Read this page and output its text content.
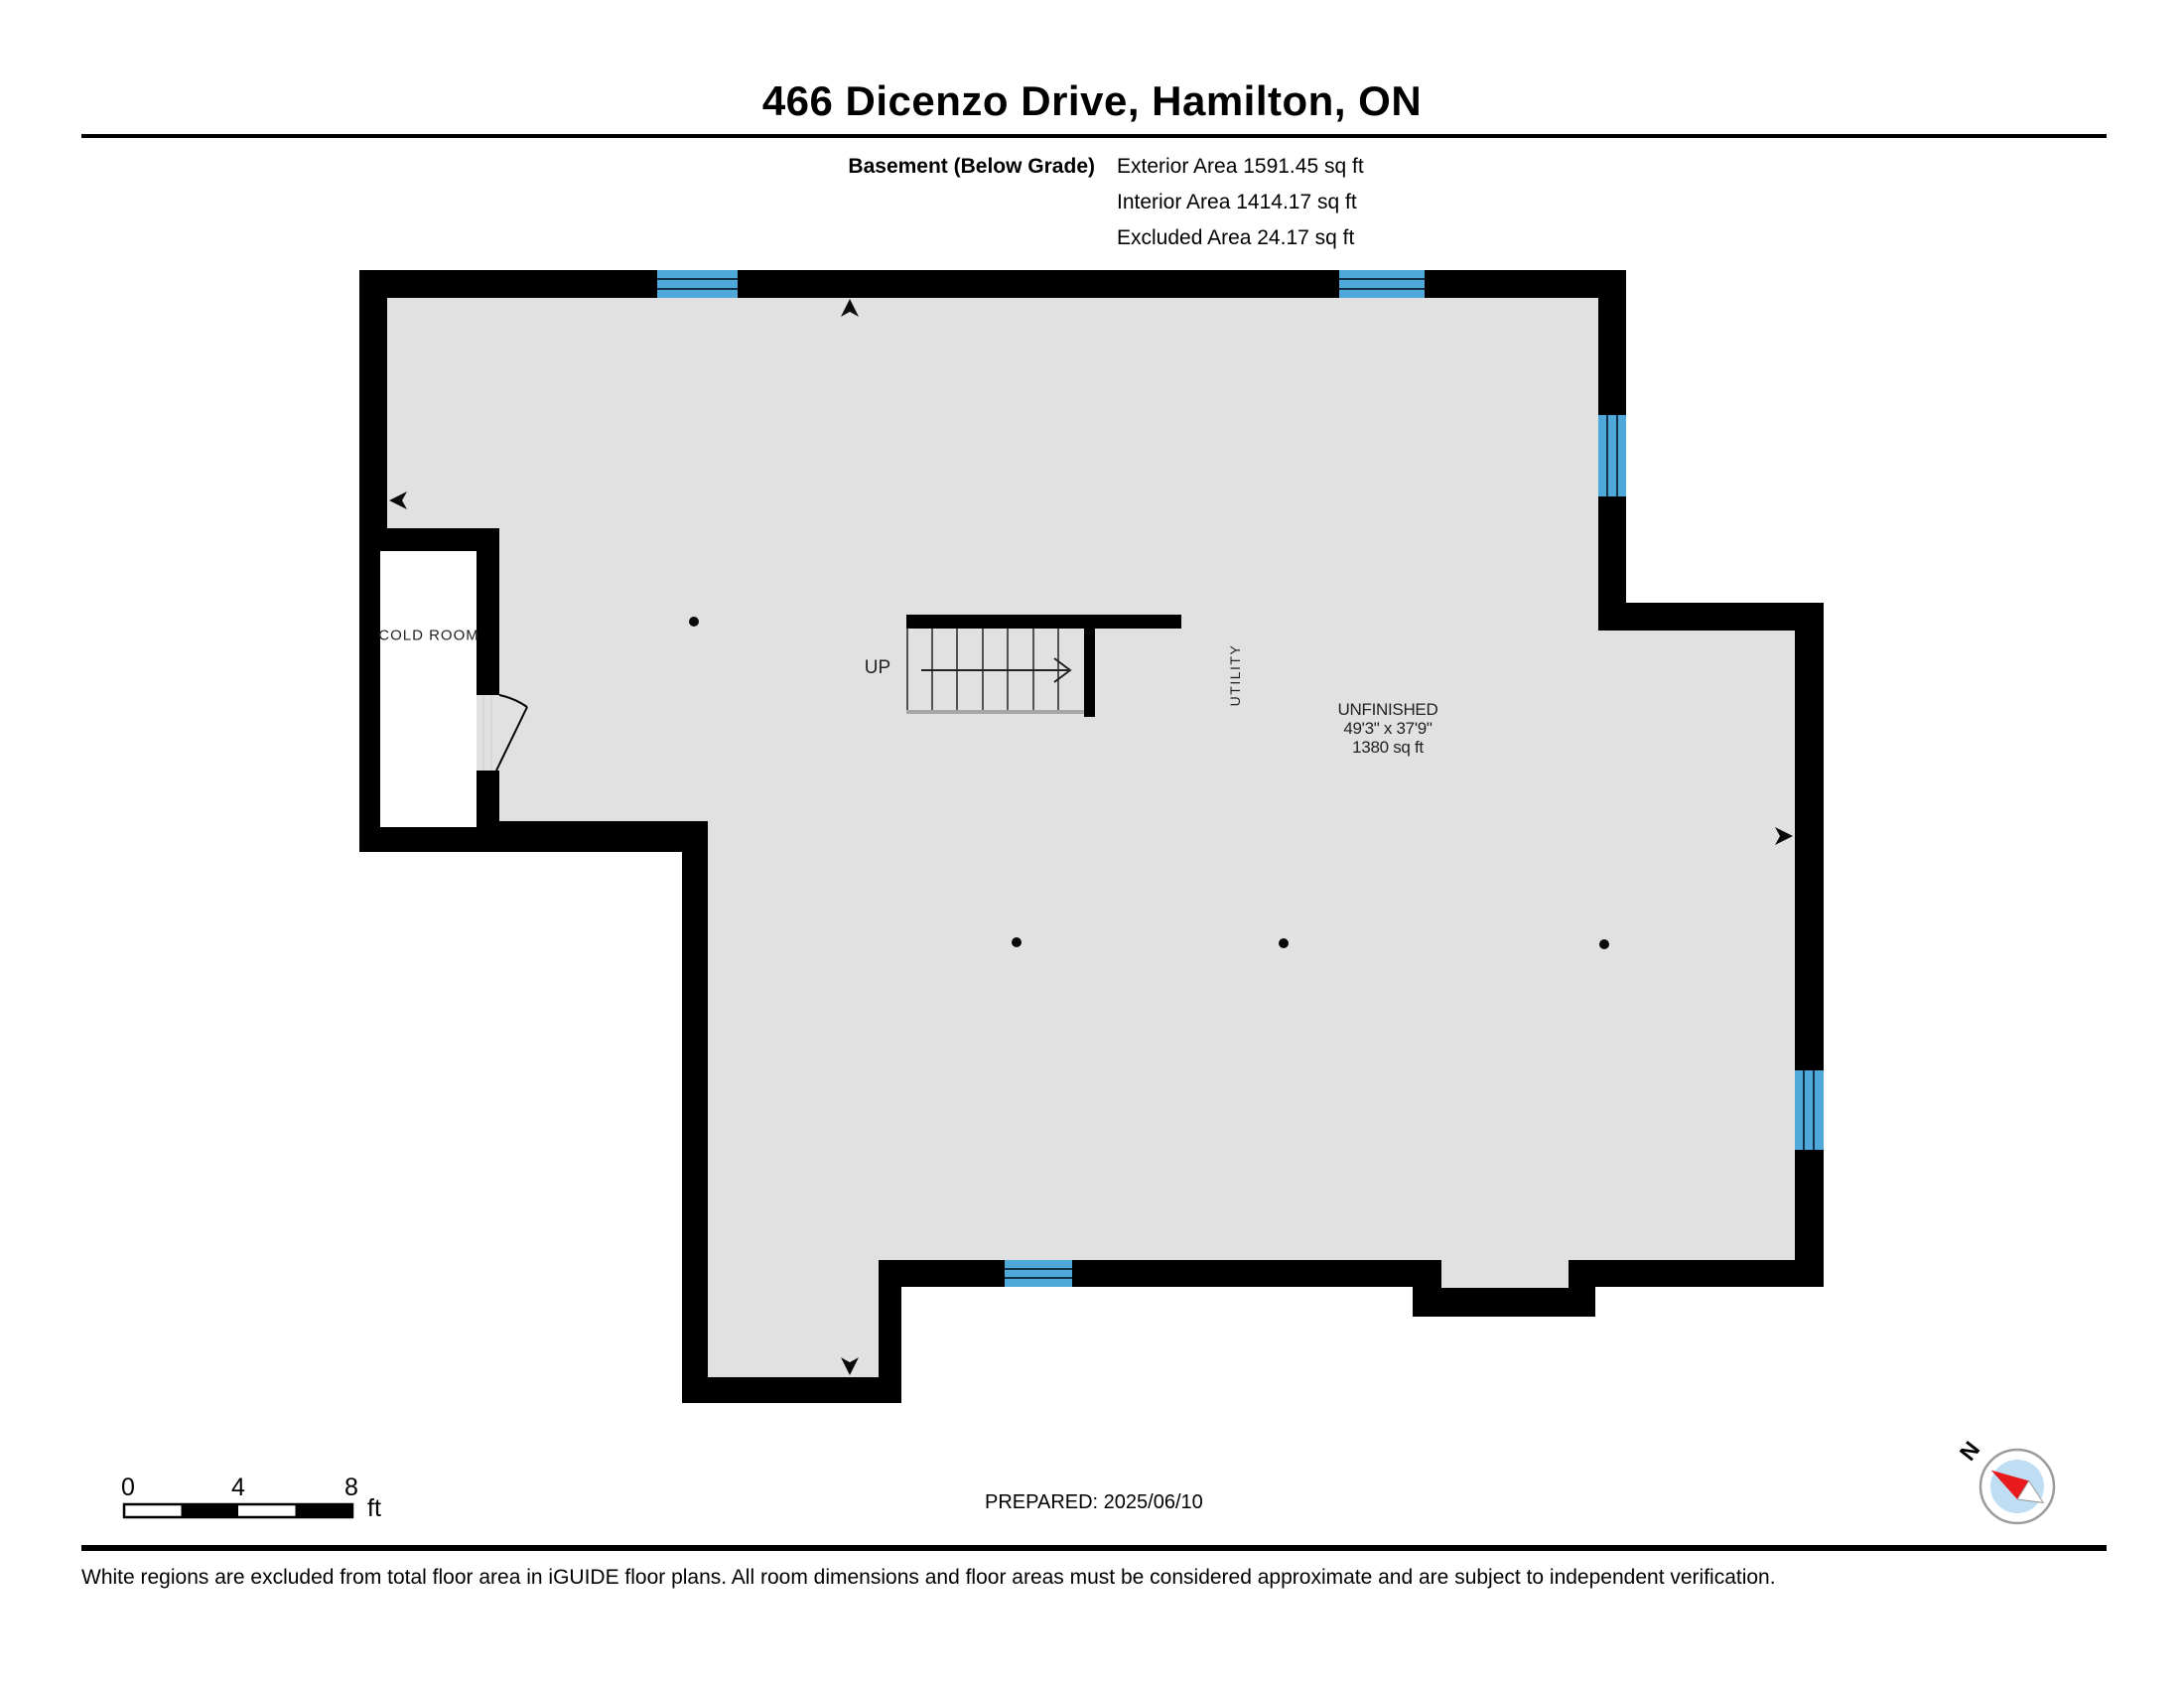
466 Dicenzo Drive, Hamilton, ON
Basement (Below Grade) Exterior Area 1591.45 sq ft
Interior Area 1414.17 sq ft
Excluded Area 24.17 sq ft
UP
COLD ROOM
UTILITY
UNFINISHED
49'3" x 37'9"
1380 sq ft
0	4	8
ft
N
PREPARED: 2025/06/10
White regions are excluded from total floor area in iGUIDE floor plans. All room dimensions and floor areas must be considered approximate and are subject to independent verification.
